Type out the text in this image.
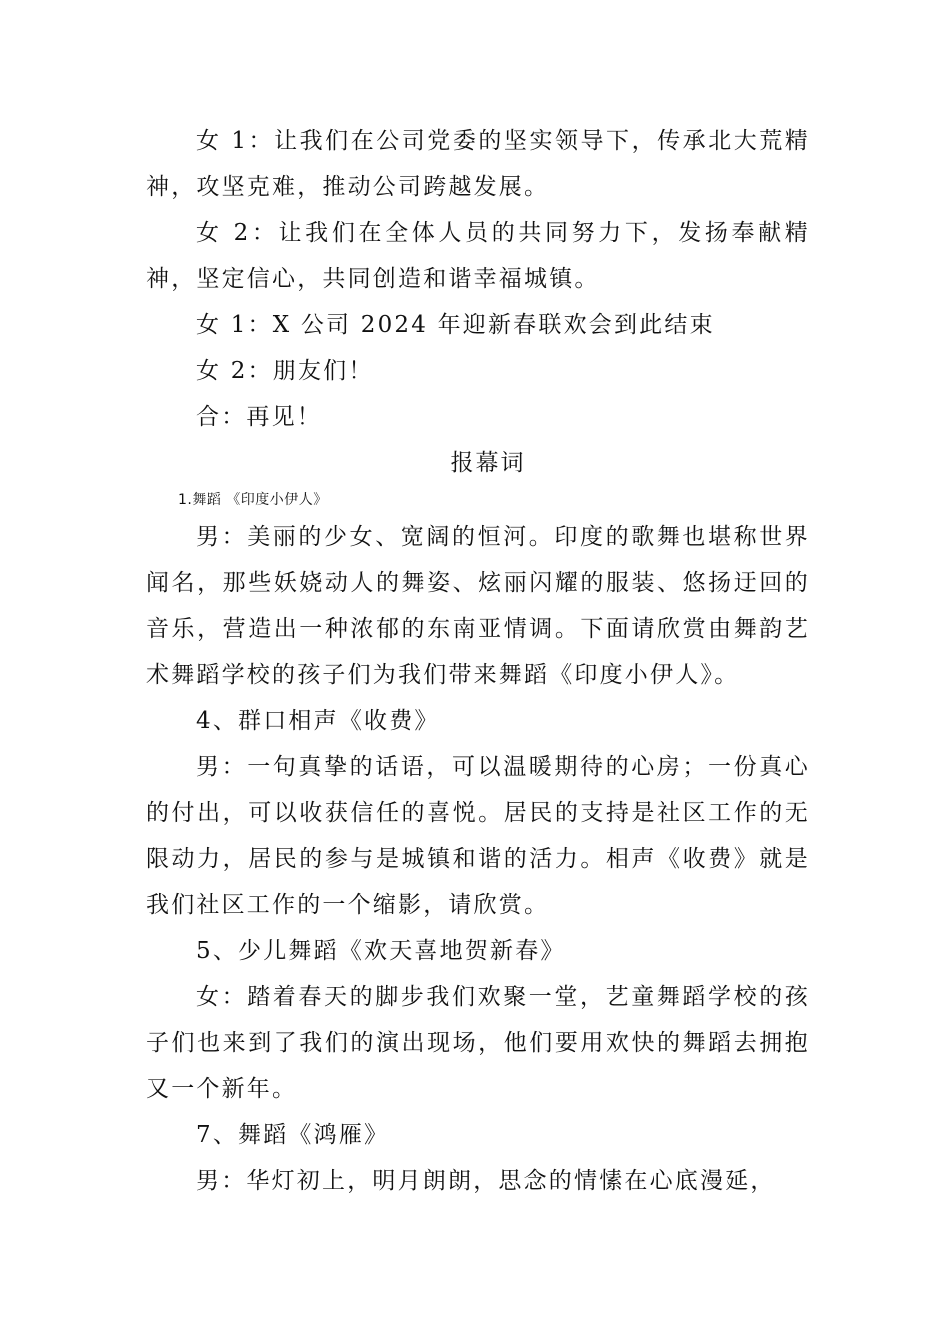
女 1：让我们在公司党委的坚实领导下，传承北大荒精神，攻坚克难，推动公司跨越发展。

女 2：让我们在全体人员的共同努力下，发扬奉献精神，坚定信心，共同创造和谐幸福城镇。

女 1：X 公司 2024 年迎新春联欢会到此结束

女 2：朋友们！

合：再见！

报幕词

1.舞蹈 《印度小伊人》

男：美丽的少女、宽阔的恒河。印度的歌舞也堪称世界闻名，那些妖娆动人的舞姿、炫丽闪耀的服装、悠扬迂回的音乐，营造出一种浓郁的东南亚情调。下面请欣赏由舞韵艺术舞蹈学校的孩子们为我们带来舞蹈《印度小伊人》。

4、群口相声《收费》

男：一句真挚的话语，可以温暖期待的心房；一份真心的付出，可以收获信任的喜悦。居民的支持是社区工作的无限动力，居民的参与是城镇和谐的活力。相声《收费》就是我们社区工作的一个缩影，请欣赏。

5、少儿舞蹈《欢天喜地贺新春》

女：踏着春天的脚步我们欢聚一堂，艺童舞蹈学校的孩子们也来到了我们的演出现场，他们要用欢快的舞蹈去拥抱又一个新年。

7、舞蹈《鸿雁》

男：华灯初上，明月朗朗，思念的情愫在心底漫延，
